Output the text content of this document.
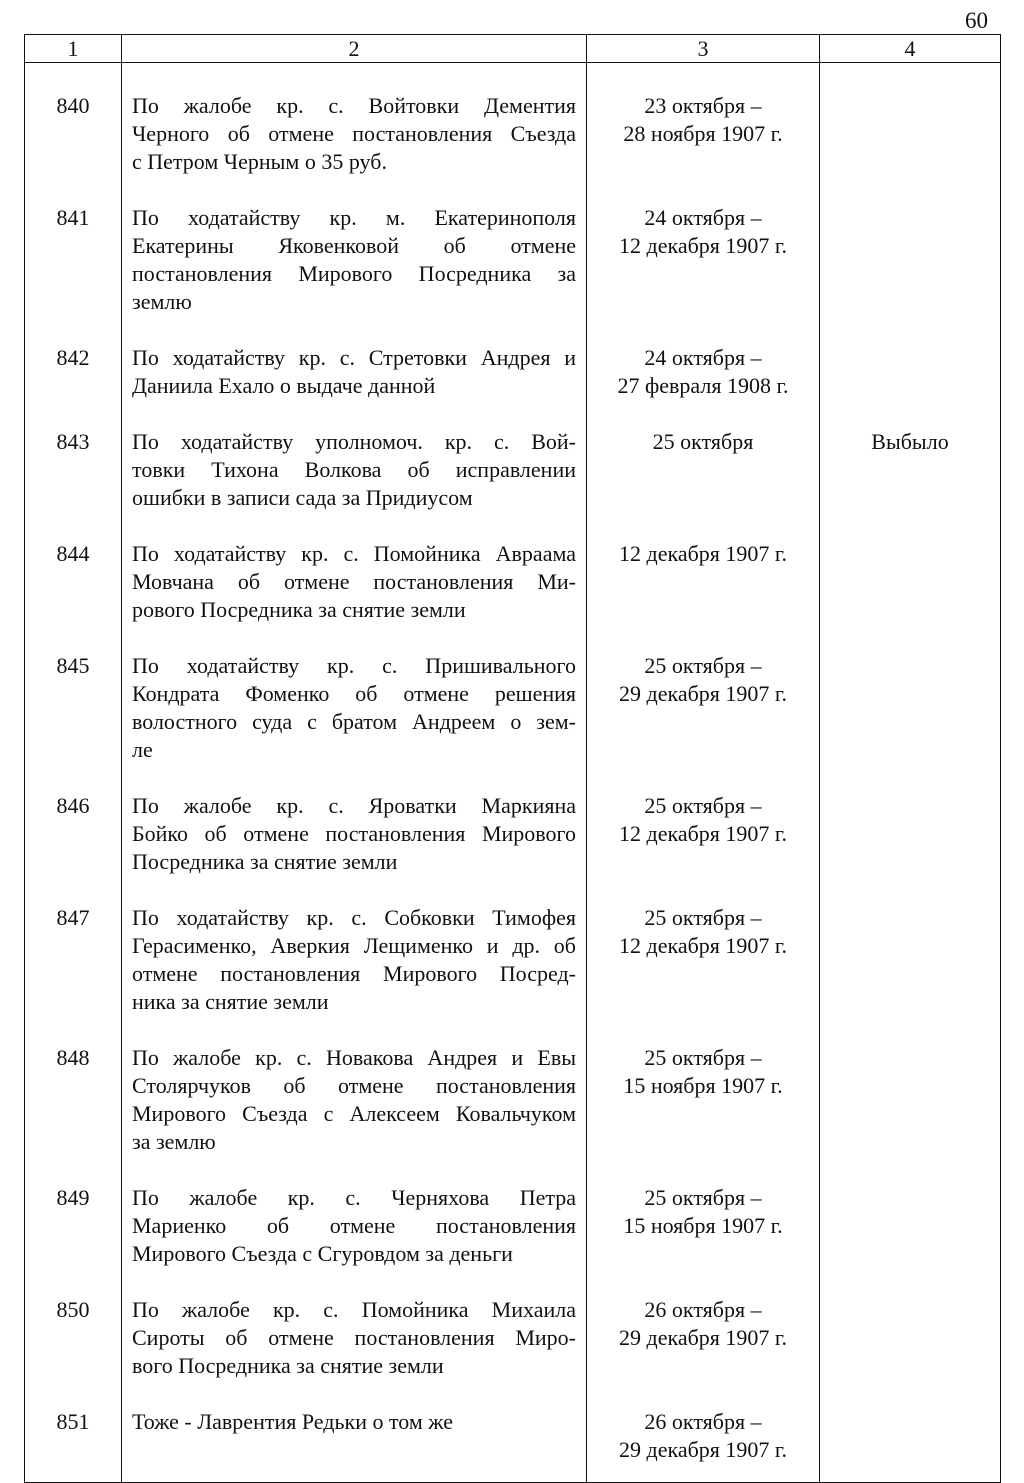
60
1	2	3	4

840	По жалобе кр. с. Войтовки Дементия
Черного об отмене постановления Съезда
с Петром Черным о 35 руб.	23 октября –
28 ноября 1907 г.	

841	По ходатайству кр. м. Екатеринополя
Екатерины Яковенковой об отмене
постановления Мирового Посредника за
землю	24 октября –
12 декабря 1907 г.	

842	По ходатайству кр. с. Стретовки Андрея и
Даниила Ехало о выдаче данной	24 октября –
27 февраля 1908 г.	

843	По ходатайству уполномоч. кр. с. Вой-
товки Тихона Волкова об исправлении
ошибки в записи сада за Придиусом	25 октября	Выбыло

844	По ходатайству кр. с. Помойника Авраама
Мовчана об отмене постановления Ми-
рового Посредника за снятие земли	12 декабря 1907 г.	

845	По ходатайству кр. с. Пришивального
Кондрата Фоменко об отмене решения
волостного суда с братом Андреем о зем-
ле	25 октября –
29 декабря 1907 г.	

846	По жалобе кр. с. Яроватки Маркияна
Бойко об отмене постановления Мирового
Посредника за снятие земли	25 октября –
12 декабря 1907 г.	

847	По ходатайству кр. с. Собковки Тимофея
Герасименко, Аверкия Лещименко и др. об
отмене постановления Мирового Посред-
ника за снятие земли	25 октября –
12 декабря 1907 г.	

848	По жалобе кр. с. Новакова Андрея и Евы
Столярчуков об отмене постановления
Мирового Съезда с Алексеем Ковальчуком
за землю	25 октября –
15 ноября 1907 г.	

849	По жалобе кр. с. Черняхова Петра
Мариенко об отмене постановления
Мирового Съезда с Сгуровдом за деньги	25 октября –
15 ноября 1907 г.	

850	По жалобе кр. с. Помойника Михаила
Сироты об отмене постановления Миро-
вого Посредника за снятие земли	26 октября –
29 декабря 1907 г.	

851	Тоже - Лаврентия Редьки о том же	26 октября –
29 декабря 1907 г.	
